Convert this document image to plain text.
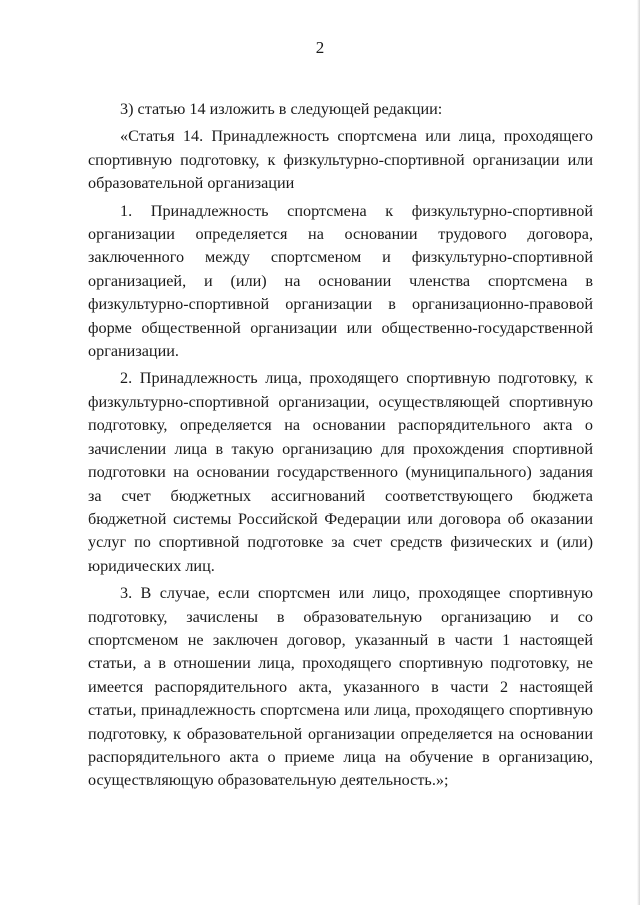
2

3) статью 14 изложить в следующей редакции:

«Статья 14. Принадлежность спортсмена или лица, проходящего спортивную подготовку, к физкультурно-спортивной организации или образовательной организации

1. Принадлежность спортсмена к физкультурно-спортивной организации определяется на основании трудового договора, заключенного между спортсменом и физкультурно-спортивной организацией, и (или) на основании членства спортсмена в физкультурно-спортивной организации в организационно-правовой форме общественной организации или общественно-государственной организации.

2. Принадлежность лица, проходящего спортивную подготовку, к физкультурно-спортивной организации, осуществляющей спортивную подготовку, определяется на основании распорядительного акта о зачислении лица в такую организацию для прохождения спортивной подготовки на основании государственного (муниципального) задания за счет бюджетных ассигнований соответствующего бюджета бюджетной системы Российской Федерации или договора об оказании услуг по спортивной подготовке за счет средств физических и (или) юридических лиц.

3. В случае, если спортсмен или лицо, проходящее спортивную подготовку, зачислены в образовательную организацию и со спортсменом не заключен договор, указанный в части 1 настоящей статьи, а в отношении лица, проходящего спортивную подготовку, не имеется распорядительного акта, указанного в части 2 настоящей статьи, принадлежность спортсмена или лица, проходящего спортивную подготовку, к образовательной организации определяется на основании распорядительного акта о приеме лица на обучение в организацию, осуществляющую образовательную деятельность.»;
